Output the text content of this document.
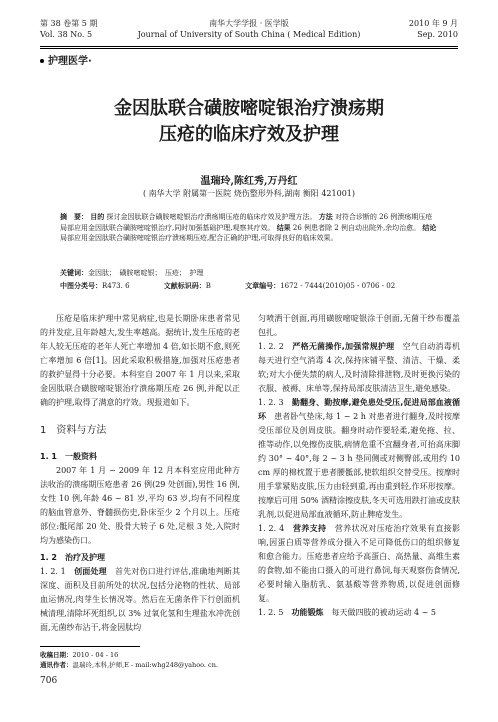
第 38 卷第 5 期
Vol. 38 No. 5
南华大学学报 · 医学版
Journal of University of South China ( Medical Edition)
2010 年 9 月
Sep. 2010
护理医学·
金因肽联合磺胺嘧啶银治疗溃疡期
压疮的临床疗效及护理
温瑞玲,陈红秀,万丹红
( 南华大学 附属第一医院 烧伤整形外科,湖南 衡阳 421001)
摘　要： 目的 探讨金因肽联合磺胺嘧啶银治疗溃疡期压疮的临床疗效及护理方法。 方法 对符合诊断的 26 例溃疡期压疮局部应用金因肽联合磺胺嘧啶银治疗,同时加强基础护理,观察其疗效。 结果 26 例患者除 2 例自动出院外,余均治愈。 结论 局部应用金因肽联合磺胺嘧啶银治疗溃疡期压疮,配合正确的护理,可取得良好的临床效果。
关键词：金因肽；　磺胺嘧啶银；　压疮；　护理
中图分类号：R473. 6	文献标识码：B	文章编号：1672 - 7444(2010)05 - 0706 - 02

压疮是临床护理中常见病症,也是长期卧床患者常见的并发症,且年龄越大,发生率越高。据统计,发生压疮的老年人较无压疮的老年人死亡率增加 4 倍,如长期不愈,则死亡率增加 6 倍[1]。因此采取积极措施,加强对压疮患者的救护显得十分必要。本科室自 2007 年 1 月以来,采取金因肽联合磺胺嘧啶银治疗溃疡期压疮 26 例,并配以正确的护理,取得了满意的疗效。现报道如下。

1　资料与方法
1. 1　一般资料

2007 年 1 月 ~ 2009 年 12 月本科室应用此种方法收治的溃疡期压疮患者 26 例(29 处创面),男性 16 例,女性 10 例,年龄 46 ~ 81 岁,平均 63 岁,均有不同程度的脑血管意外、脊髓损伤史,卧床至少 2 个月以上。压疮部位:骶尾部 20 处、股骨大转子 6 处,足根 3 处,入院时均为感染伤口。

1. 2　治疗及护理
1. 2. 1　创面处理　 首先对伤口进行评估,准确地判断其深度、面积及目前所处的状况,包括分泌物的性状、局部血运情况,肉芽生长情况等。然后在无菌条件下行创面机械清理,清除坏死组织,以 3% 过氧化氢和生理盐水冲洗创面,无菌纱布沾干,将金因肽均
匀喷洒于创面,再用磺胺嘧啶银涂于创面,无菌干纱布覆盖包扎。
1. 2. 2　严格无菌操作,加强常规护理　 空气自动消毒机每天进行空气消毒 4 次,保持床铺平整、清洁、干燥、柔软;对大小便失禁的病人,及时清除排泄物,及时更换污染的衣服、被褥、床单等,保持局部皮肤清洁卫生,避免感染。
1. 2. 3　勤翻身、勤按摩,避免患处受压,促进局部血液循环　 患者卧气垫床,每 1 ~ 2 h 对患者进行翻身,及时按摩受压部位及创周皮肤。翻身时动作要轻柔,避免拖、拉、推等动作,以免擦伤皮肤,病情危重不宜翻身者,可抬高床脚约 30° ~ 40°,每 2 ~ 3 h 垫同侧或对侧臀部,或用约 10 cm 厚的棉枕置于患者腰骶部,使软组织交替受压。按摩时用手掌紧贴皮肤,压力由轻到重,再由重到轻,作环形按摩。按摩后可用 50% 酒精涂擦皮肤,冬天可选用跌打油或皮肤乳剂,以促进局部血液循环,防止脾疮发生。
1. 2. 4　营养支持　 营养状况对压疮治疗效果有直接影响,因蛋白质等营养成分摄入不足可降低伤口的组织修复和愈合能力。压疮患者应给予高蛋白、高热量、高维生素的食物,如不能由口摄入的可进行鼻饲,每天观察伤食情况,必要时输入脂肪乳、氨基酸等营养物质,以促进创面修复。
1. 2. 5　功能锻炼　 每天做四肢的被动运动 4 ~ 5
收稿日期：2010 - 04 - 16
通讯作者：温瑞玲,本科,护师,E - mail:whg248@yahoo. cn.
706
